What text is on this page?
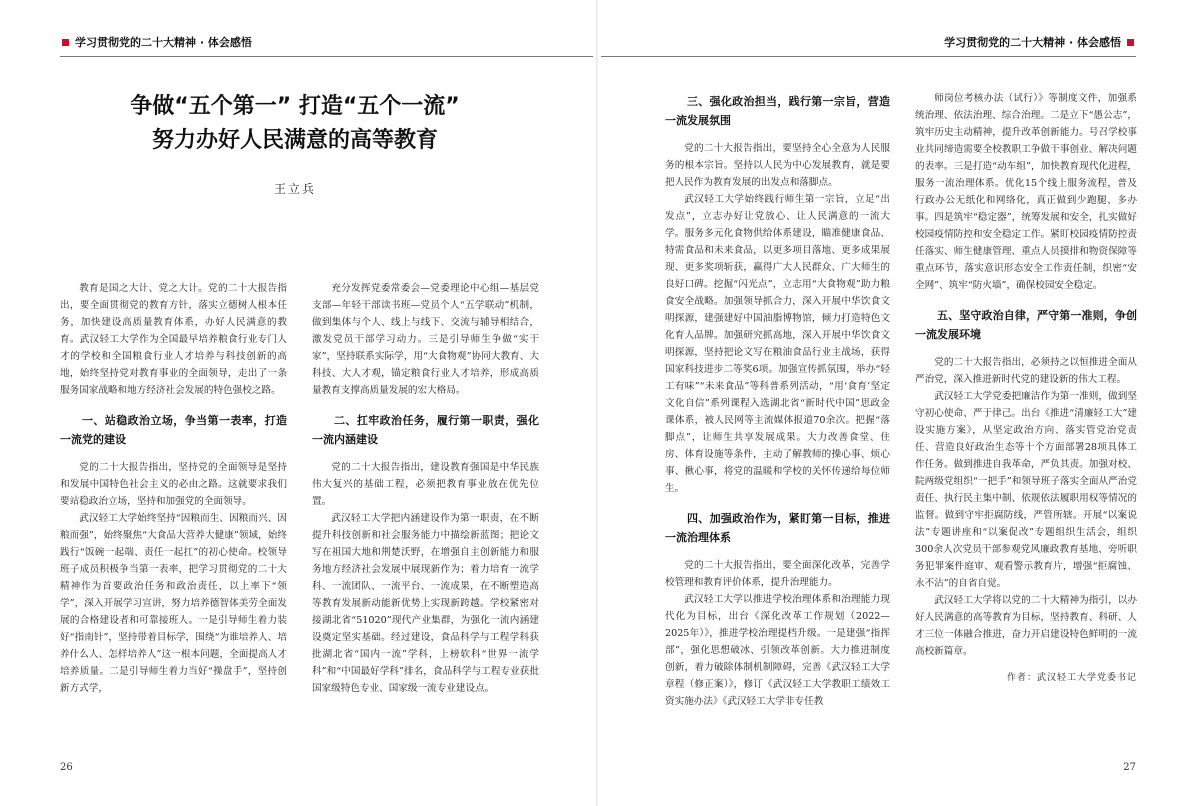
学习贯彻党的二十大精神 · 体会感悟
争做“五个第一” 打造“五个一流”
努力办好人民满意的高等教育
王立兵

教育是国之大计、党之大计。党的二十大报告指出，要全面贯彻党的教育方针，落实立德树人根本任务，加快建设高质量教育体系，办好人民满意的教育。武汉轻工大学作为全国最早培养粮食行业专门人才的学校和全国粮食行业人才培养与科技创新的高地，始终坚持党对教育事业的全面领导，走出了一条服务国家战略和地方经济社会发展的特色强校之路。

一、站稳政治立场，争当第一表率，打造一流党的建设

党的二十大报告指出，坚持党的全面领导是坚持和发展中国特色社会主义的必由之路。这就要求我们要站稳政治立场，坚持和加强党的全面领导。

武汉轻工大学始终坚持“因粮而生、因粮而兴、因粮而强”，始终聚焦“大食品大营养大健康”领域，始终践行“饭碗一起端、责任一起扛”的初心使命。校领导班子成员积极争当第一表率，把学习贯彻党的二十大精神作为首要政治任务和政治责任，以上率下“领学”，深入开展学习宣讲，努力培养德智体美劳全面发展的合格建设者和可靠接班人。一是引导师生着力装好“指南针”，坚持带着目标学，围绕“为谁培养人、培养什么人、怎样培养人”这一根本问题，全面提高人才培养质量。二是引导师生着力当好“操盘手”，坚持创新方式学，

充分发挥党委常委会—党委理论中心组—基层党支部—年轻干部读书班—党员个人“五学联动”机制，做到集体与个人、线上与线下、交流与辅导相结合，激发党员干部学习动力。三是引导师生争做“实干家”，坚持联系实际学，用“大食物观”协同大教育、大科技、大人才观，锚定粮食行业人才培养，形成高质量教育支撑高质量发展的宏大格局。

二、扛牢政治任务，履行第一职责，强化一流内涵建设

党的二十大报告指出，建设教育强国是中华民族伟大复兴的基础工程，必须把教育事业放在优先位置。

武汉轻工大学把内涵建设作为第一职责，在不断提升科技创新和社会服务能力中描绘新蓝图；把论文写在祖国大地和荆楚沃野，在增强自主创新能力和服务地方经济社会发展中展现新作为；着力培育一流学科、一流团队、一流平台、一流成果，在不断塑造高等教育发展新动能新优势上实现新跨越。学校紧密对接湖北省“51020”现代产业集群，为强化一流内涵建设奠定坚实基础。经过建设，食品科学与工程学科获批湖北省“国内一流”学科，上榜软科“世界一流学科”和“中国最好学科”排名，食品科学与工程专业获批国家级特色专业、国家级一流专业建设点。

26
学习贯彻党的二十大精神 · 体会感悟
三、强化政治担当，践行第一宗旨，营造一流发展氛围

党的二十大报告指出，要坚持全心全意为人民服务的根本宗旨。坚持以人民为中心发展教育，就是要把人民作为教育发展的出发点和落脚点。

武汉轻工大学始终践行师生第一宗旨，立足“出发点”，立志办好让党放心、让人民满意的一流大学。服务多元化食物供给体系建设，瞄准健康食品、特需食品和未来食品，以更多项目落地、更多成果展现、更多奖项斩获，赢得广大人民群众、广大师生的良好口碑。挖掘“闪光点”，立志用“大食物观”助力粮食安全战略。加强领导抓合力，深入开展中华饮食文明探源，建强建好中国油脂博物馆，倾力打造特色文化育人品牌。加强研究抓高地，深入开展中华饮食文明探源，坚持把论文写在粮油食品行业主战场，获得国家科技进步二等奖6项。加强宣传抓氛围，举办“轻工有味”“未来食品”等科普系列活动，“用‘食育’坚定文化自信”系列课程入选湖北省“新时代中国”思政金课体系，被人民网等主流媒体报道70余次。把握“落脚点”，让师生共享发展成果。大力改善食堂、住房、体育设施等条件，主动了解教师的操心事、烦心事、揪心事，将党的温暖和学校的关怀传递给每位师生。

四、加强政治作为，紧盯第一目标，推进一流治理体系

党的二十大报告指出，要全面深化改革，完善学校管理和教育评价体系，提升治理能力。

武汉轻工大学以推进学校治理体系和治理能力现代化为目标，出台《深化改革工作规划（2022—2025年）》，推进学校治理提档升级。一是建强“指挥部”，强化思想破冰、引领改革创新。大力推进制度创新，着力破除体制机制障碍，完善《武汉轻工大学章程（修正案）》，修订《武汉轻工大学教职工绩效工资实施办法》《武汉轻工大学非专任教

师岗位考核办法（试行）》等制度文件，加强系统治理、依法治理、综合治理。二是立下“愚公志”，筑牢历史主动精神，提升改革创新能力。号召学校事业共同缔造需要全校教职工争做干事创业、解决问题的表率。三是打造“动车组”，加快教育现代化进程，服务一流治理体系。优化15个线上服务流程，普及行政办公无纸化和网络化，真正做到少跑腿、多办事。四是筑牢“稳定器”，统筹发展和安全，扎实做好校园疫情防控和安全稳定工作。紧盯校园疫情防控责任落实、师生健康管理、重点人员摸排和物资保障等重点环节，落实意识形态安全工作责任制，织密“安全网”、筑牢“防火墙”，确保校园安全稳定。

五、坚守政治自律，严守第一准则，争创一流发展环境

党的二十大报告指出，必须持之以恒推进全面从严治党，深入推进新时代党的建设新的伟大工程。

武汉轻工大学党委把廉洁作为第一准则，做到坚守初心使命、严于律己。出台《推进“清廉轻工大”建设实施方案》，从坚定政治方向、落实管党治党责任、营造良好政治生态等十个方面部署28项具体工作任务。做到推进自我革命，严负其责。加强对校、院两级党组织“一把手”和领导班子落实全面从严治党责任、执行民主集中制、依规依法履职用权等情况的监督。做到守牢拒腐防线，严管所辖。开展“以案说法”专题讲座和“以案促改”专题组织生活会，组织300余人次党员干部参观党风廉政教育基地、旁听职务犯罪案件庭审、观看警示教育片，增强“拒腐蚀、永不沾”的自省自觉。

武汉轻工大学将以党的二十大精神为指引，以办好人民满意的高等教育为目标，坚持教育、科研、人才三位一体融合推进，奋力开启建设特色鲜明的一流高校新篇章。

作者：武汉轻工大学党委书记

27
